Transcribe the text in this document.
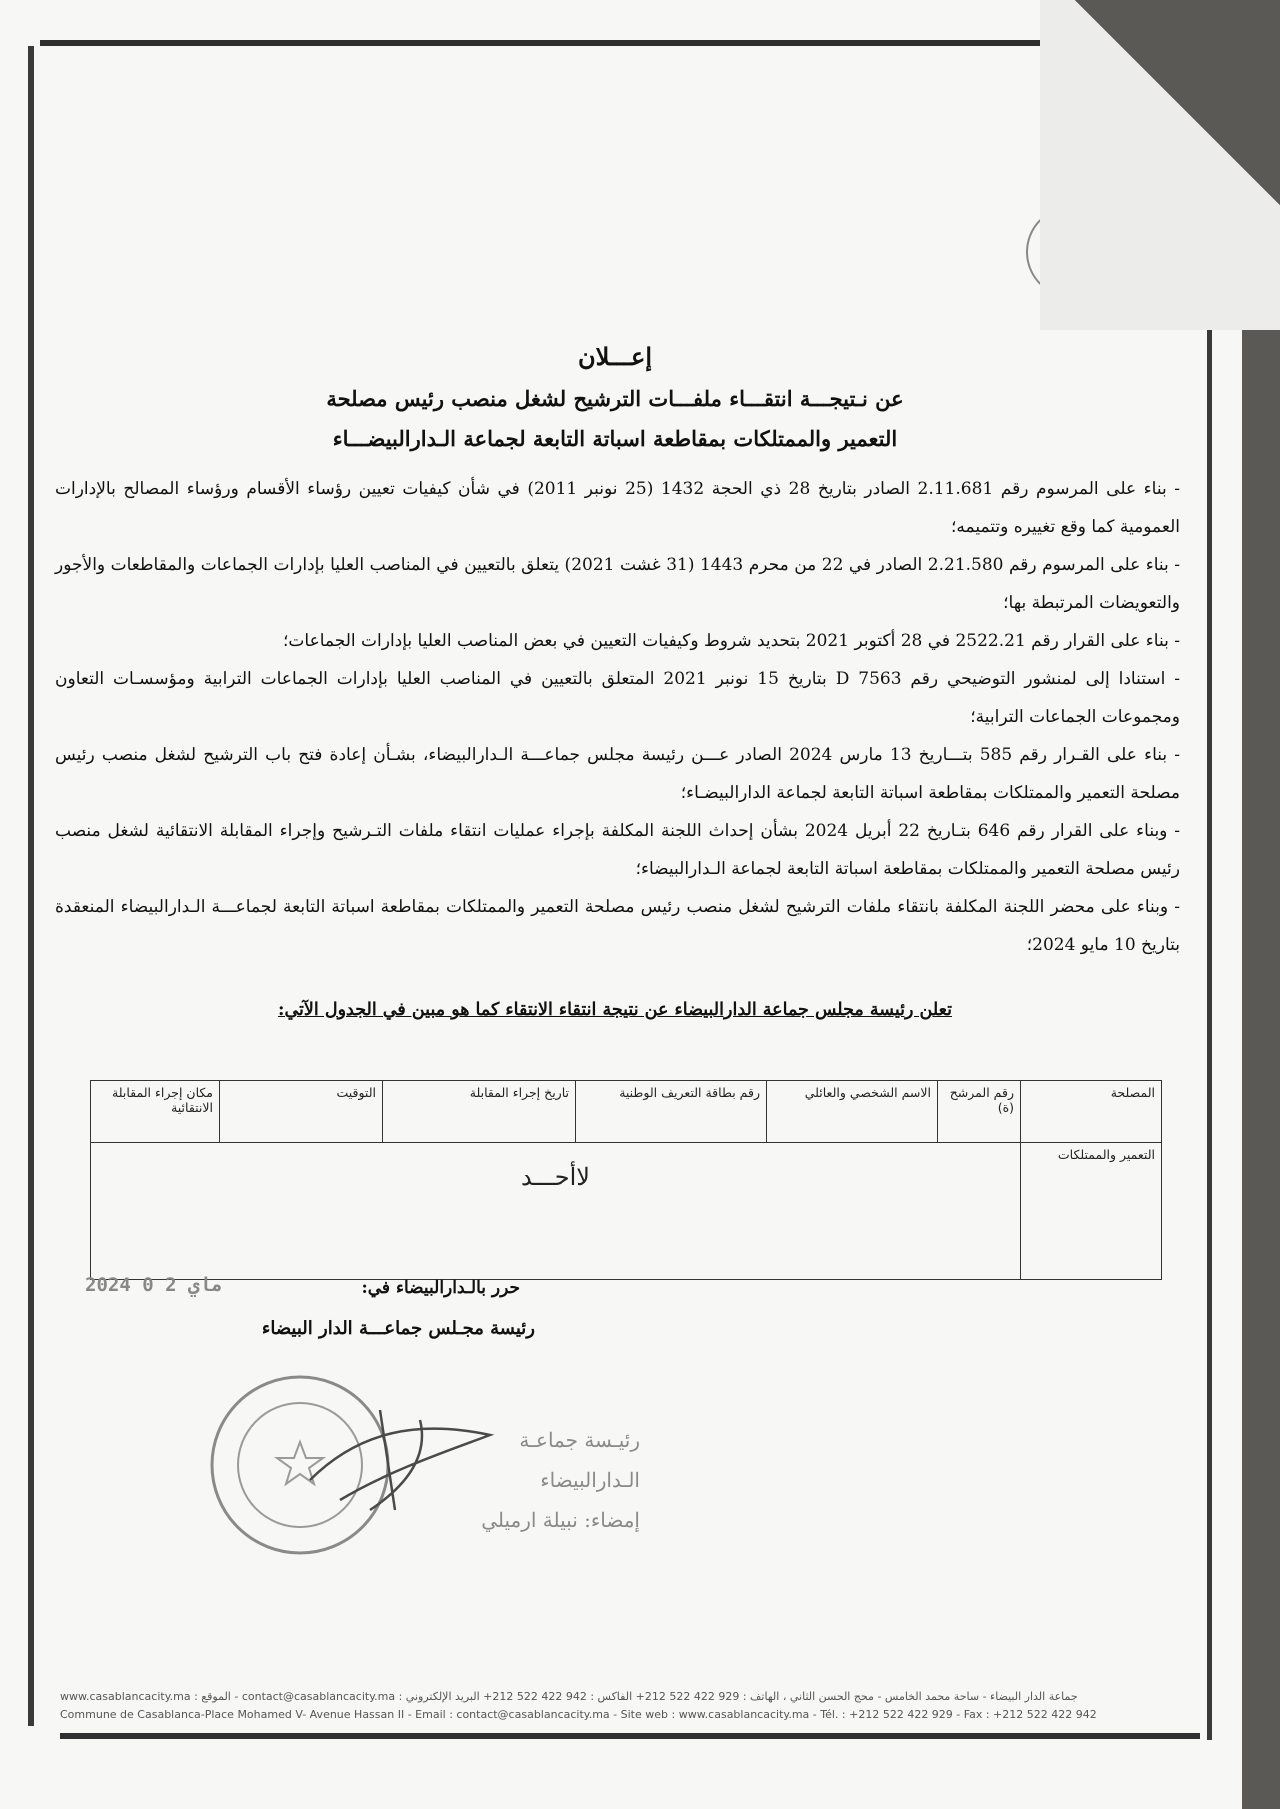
إعـــلان
عن نـتيجـــة انتقـــاء ملفـــات الترشيح لشغل منصب رئيس مصلحة
التعمير والممتلكات بمقاطعة اسباتة التابعة لجماعة الـدارالبيضـــاء

- بناء على المرسوم رقم 2.11.681 الصادر بتاريخ 28 ذي الحجة 1432 (25 نونبر 2011) في شأن كيفيات تعيين رؤساء الأقسام ورؤساء المصالح بالإدارات العمومية كما وقع تغييره وتتميمه؛

- بناء على المرسوم رقم 2.21.580 الصادر في 22 من محرم 1443 (31 غشت 2021) يتعلق بالتعيين في المناصب العليا بإدارات الجماعات والمقاطعات والأجور والتعويضات المرتبطة بها؛

- بناء على القرار رقم 2522.21 في 28 أكتوبر 2021 بتحديد شروط وكيفيات التعيين في بعض المناصب العليا بإدارات الجماعات؛

- استنادا إلى لمنشور التوضيحي رقم D 7563 بتاريخ 15 نونبر 2021 المتعلق بالتعيين في المناصب العليا بإدارات الجماعات الترابية ومؤسسـات التعاون ومجموعات الجماعات الترابية؛

- بناء على القـرار رقم 585 بتـــاريخ 13 مارس 2024 الصادر عـــن رئيسة مجلس جماعـــة الـدارالبيضاء، بشـأن إعادة فتح باب الترشيح لشغل منصب رئيس مصلحة التعمير والممتلكات بمقاطعة اسباتة التابعة لجماعة الدارالبيضـاء؛

- وبناء على القرار رقم 646 بتـاريخ 22 أبريل 2024 بشأن إحداث اللجنة المكلفة بإجراء عمليات انتقاء ملفات التـرشيح وإجراء المقابلة الانتقائية لشغل منصب رئيس مصلحة التعمير والممتلكات بمقاطعة اسباتة التابعة لجماعة الـدارالبيضاء؛

- وبناء على محضر اللجنة المكلفة بانتقاء ملفات الترشيح لشغل منصب رئيس مصلحة التعمير والممتلكات بمقاطعة اسباتة التابعة لجماعـــة الـدارالبيضاء المنعقدة بتاريخ 10 مايو 2024؛

تعلن رئيسة مجلس جماعة الدارالبيضاء عن نتيجة انتقاء الانتقاء كما هو مبين في الجدول الآتي:
المصلحة	رقم المرشح (ة)	الاسم الشخصي والعائلي	رقم بطاقة التعريف الوطنية	تاريخ إجراء المقابلة	التوقيت	مكان إجراء المقابلة الانتقائية
التعمير والممتلكات	لاأحـــد					
حرر بالـدارالبيضاء في:
2024 ماي 2 0
رئيسة مجـلس جماعـــة الدار البيضاء
رئيـسة جماعـة
الـدارالبيضاء
إمضاء: نبيلة ارميلي
جماعة الدار البيضاء - ساحة محمد الخامس - محج الحسن الثاني ، الهاتف : 929 422 522 212+ الفاكس : 942 422 522 212+ البريد الإلكتروني : contact@casablancacity.ma - الموقع : www.casablancacity.ma
Commune de Casablanca-Place Mohamed V- Avenue Hassan II - Email : contact@casablancacity.ma - Site web : www.casablancacity.ma - Tél. : +212 522 422 929 - Fax : +212 522 422 942
